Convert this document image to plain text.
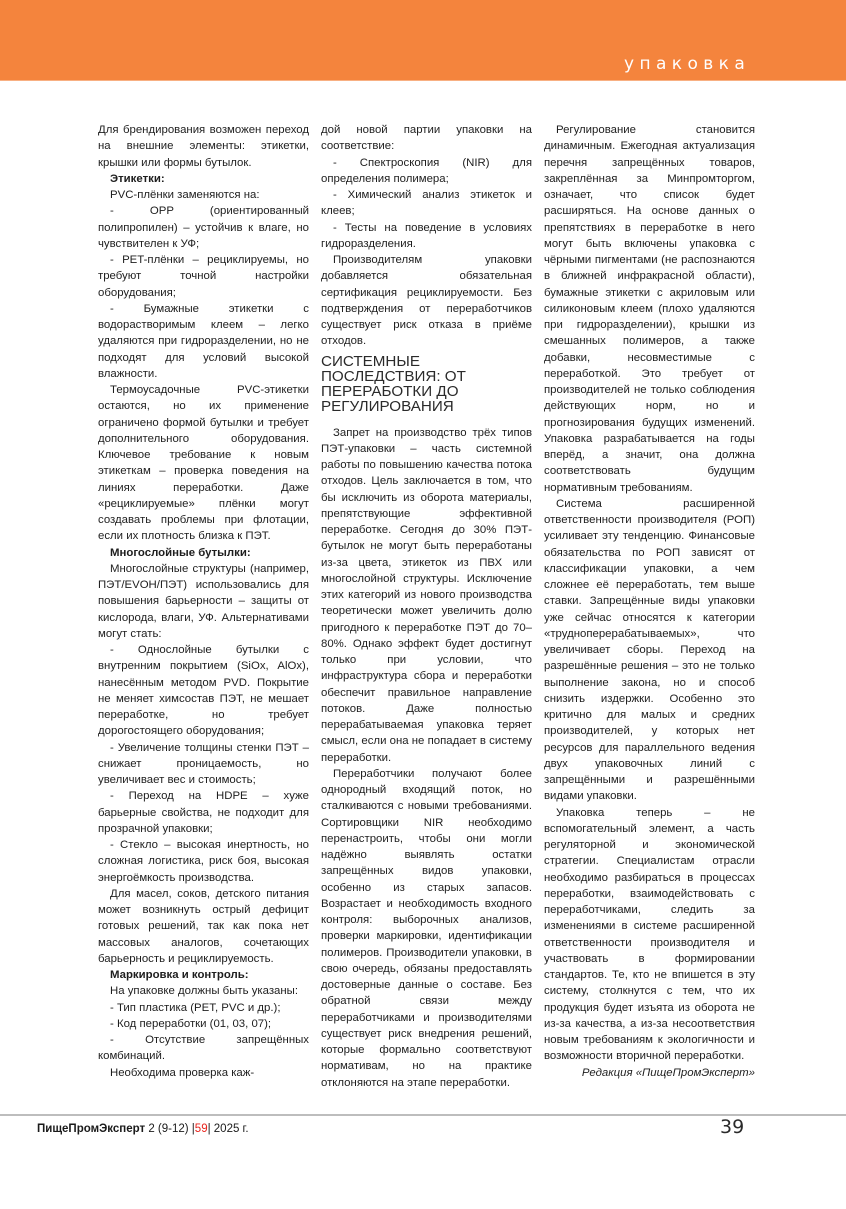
упаковка

Для брендирования возможен переход на внешние элементы: этикетки, крышки или формы бутылок.

Этикетки:

PVC-плёнки заменяются на:

- OPP (ориентированный полипропилен) – устойчив к влаге, но чувствителен к УФ;

- PET-плёнки – рециклируемы, но требуют точной настройки оборудования;

- Бумажные этикетки с водорастворимым клеем – легко удаляются при гидроразделении, но не подходят для условий высокой влажности.

Термоусадочные PVC-этикетки остаются, но их применение ограничено формой бутылки и требует дополнительного оборудования. Ключевое требование к новым этикеткам – проверка поведения на линиях переработки. Даже «рециклируемые» плёнки могут создавать проблемы при флотации, если их плотность близка к ПЭТ.

Многослойные бутылки:

Многослойные структуры (например, ПЭТ/EVOH/ПЭТ) использовались для повышения барьерности – защиты от кислорода, влаги, УФ. Альтернативами могут стать:

- Однослойные бутылки с внутренним покрытием (SiOx, AlOx), нанесённым методом PVD. Покрытие не меняет химсостав ПЭТ, не мешает переработке, но требует дорогостоящего оборудования;

- Увеличение толщины стенки ПЭТ – снижает проницаемость, но увеличивает вес и стоимость;

- Переход на HDPE – хуже барьерные свойства, не подходит для прозрачной упаковки;

- Стекло – высокая инертность, но сложная логистика, риск боя, высокая энергоёмкость производства.

Для масел, соков, детского питания может возникнуть острый дефицит готовых решений, так как пока нет массовых аналогов, сочетающих барьерность и рециклируемость.

Маркировка и контроль:

На упаковке должны быть указаны:

- Тип пластика (PET, PVC и др.);

- Код переработки (01, 03, 07);

- Отсутствие запрещённых комбинаций.

Необходима проверка каж-

дой новой партии упаковки на соответствие:

- Спектроскопия (NIR) для определения полимера;

- Химический анализ этикеток и клеев;

- Тесты на поведение в условиях гидроразделения.

Производителям упаковки добавляется обязательная сертификация рециклируемости. Без подтверждения от переработчиков существует риск отказа в приёме отходов.

СИСТЕМНЫЕ ПОСЛЕДСТВИЯ: ОТ ПЕРЕРАБОТКИ ДО РЕГУЛИРОВАНИЯ

Запрет на производство трёх типов ПЭТ-упаковки – часть системной работы по повышению качества потока отходов. Цель заключается в том, что бы исключить из оборота материалы, препятствующие эффективной переработке. Сегодня до 30% ПЭТ-бутылок не могут быть переработаны из-за цвета, этикеток из ПВХ или многослойной структуры. Исключение этих категорий из нового производства теоретически может увеличить долю пригодного к переработке ПЭТ до 70–80%. Однако эффект будет достигнут только при условии, что инфраструктура сбора и переработки обеспечит правильное направление потоков. Даже полностью перерабатываемая упаковка теряет смысл, если она не попадает в систему переработки.

Переработчики получают более однородный входящий поток, но сталкиваются с новыми требованиями. Сортировщики NIR необходимо перенастроить, чтобы они могли надёжно выявлять остатки запрещённых видов упаковки, особенно из старых запасов. Возрастает и необходимость входного контроля: выборочных анализов, проверки маркировки, идентификации полимеров. Производители упаковки, в свою очередь, обязаны предоставлять достоверные данные о составе. Без обратной связи между переработчиками и производителями существует риск внедрения решений, которые формально соответствуют нормативам, но на практике отклоняются на этапе переработки.

Регулирование становится динамичным. Ежегодная актуализация перечня запрещённых товаров, закреплённая за Минпромторгом, означает, что список будет расширяться. На основе данных о препятствиях в переработке в него могут быть включены упаковка с чёрными пигментами (не распознаются в ближней инфракрасной области), бумажные этикетки с акриловым или силиконовым клеем (плохо удаляются при гидроразделении), крышки из смешанных полимеров, а также добавки, несовместимые с переработкой. Это требует от производителей не только соблюдения действующих норм, но и прогнозирования будущих изменений. Упаковка разрабатывается на годы вперёд, а значит, она должна соответствовать будущим нормативным требованиям.

Система расширенной ответственности производителя (РОП) усиливает эту тенденцию. Финансовые обязательства по РОП зависят от классификации упаковки, а чем сложнее её переработать, тем выше ставки. Запрещённые виды упаковки уже сейчас относятся к категории «трудноперерабатываемых», что увеличивает сборы. Переход на разрешённые решения – это не только выполнение закона, но и способ снизить издержки. Особенно это критично для малых и средних производителей, у которых нет ресурсов для параллельного ведения двух упаковочных линий с запрещёнными и разрешёнными видами упаковки.

Упаковка теперь – не вспомогательный элемент, а часть регуляторной и экономической стратегии. Специалистам отрасли необходимо разбираться в процессах переработки, взаимодействовать с переработчиками, следить за изменениями в системе расширенной ответственности производителя и участвовать в формировании стандартов. Те, кто не впишется в эту систему, столкнутся с тем, что их продукция будет изъята из оборота не из-за качества, а из-за несоответствия новым требованиям к экологичности и возможности вторичной переработки.

Редакция «ПищеПромЭксперт»

ПищеПромЭксперт 2 (9-12) |59| 2025 г.	39
